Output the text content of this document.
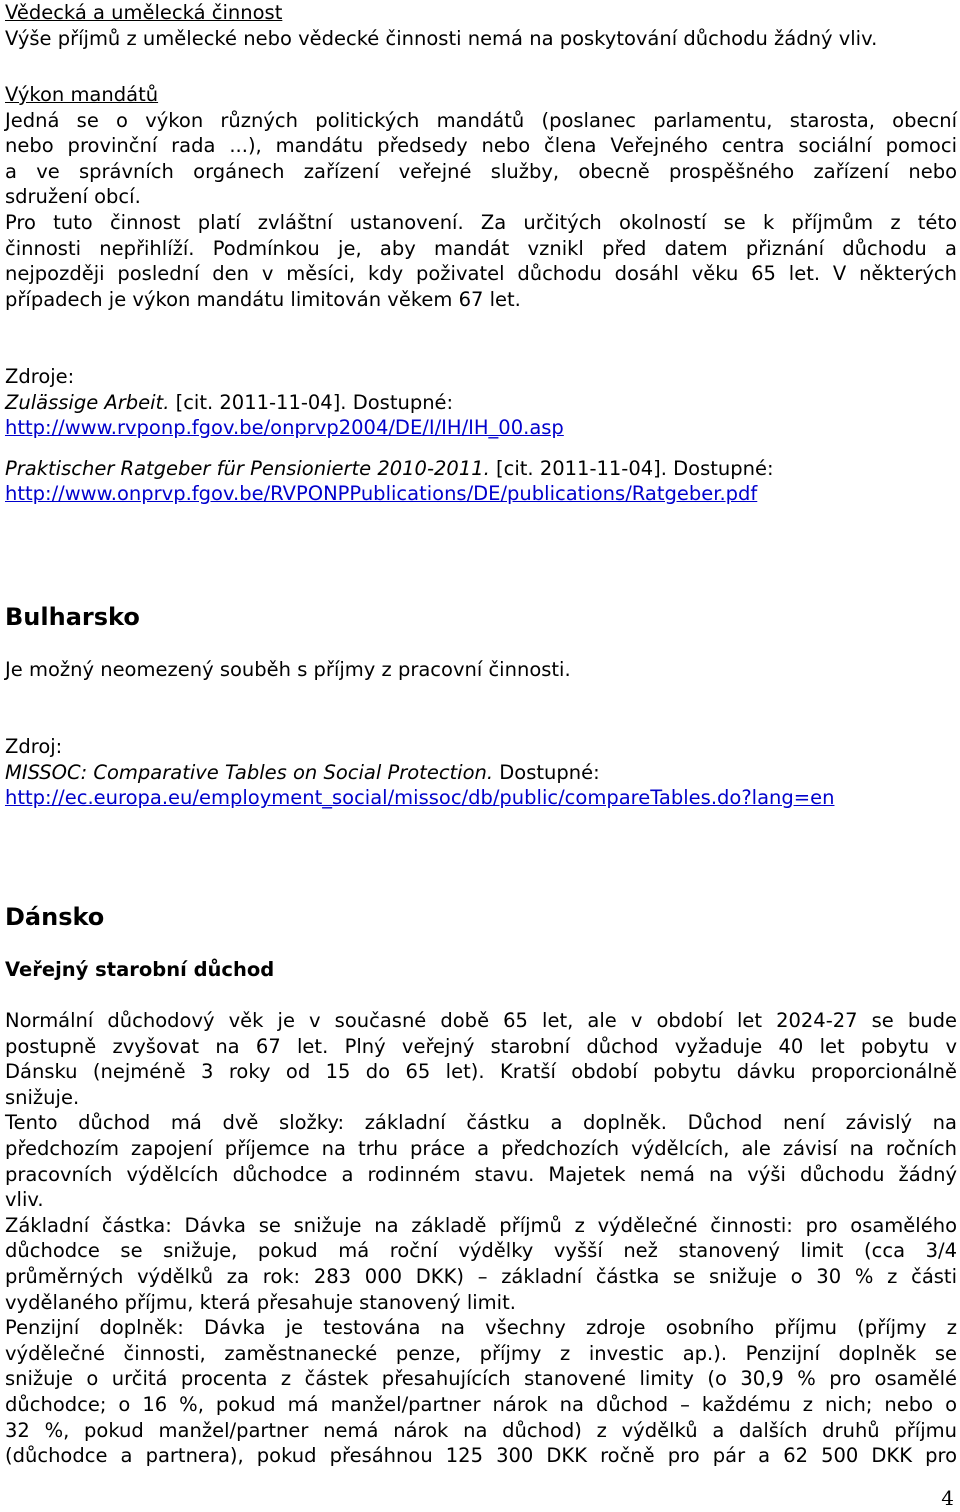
Vědecká a umělecká činnost
Výše příjmů z umělecké nebo vědecké činnosti nemá na poskytování důchodu žádný vliv.
Výkon mandátů
Jedná se o výkon různých politických mandátů (poslanec parlamentu, starosta, obecní
nebo provinční rada ...), mandátu předsedy nebo člena Veřejného centra sociální pomoci
a ve správních orgánech zařízení veřejné služby, obecně prospěšného zařízení nebo
sdružení obcí.
Pro tuto činnost platí zvláštní ustanovení. Za určitých okolností se k příjmům z této
činnosti nepřihlíží. Podmínkou je, aby mandát vznikl před datem přiznání důchodu a
nejpozději poslední den v měsíci, kdy poživatel důchodu dosáhl věku 65 let. V některých
případech je výkon mandátu limitován věkem 67 let.
Zdroje:
Zulässige Arbeit. [cit. 2011-11-04]. Dostupné:
http://www.rvponp.fgov.be/onprvp2004/DE/I/IH/IH_00.asp
Praktischer Ratgeber für Pensionierte 2010-2011. [cit. 2011-11-04]. Dostupné:
http://www.onprvp.fgov.be/RVPONPPublications/DE/publications/Ratgeber.pdf
Bulharsko
Je možný neomezený souběh s příjmy z pracovní činnosti.
Zdroj:
MISSOC: Comparative Tables on Social Protection. Dostupné:
http://ec.europa.eu/employment_social/missoc/db/public/compareTables.do?lang=en
Dánsko
Veřejný starobní důchod
Normální důchodový věk je v současné době 65 let, ale v období let 2024-27 se bude
postupně zvyšovat na 67 let. Plný veřejný starobní důchod vyžaduje 40 let pobytu v
Dánsku (nejméně 3 roky od 15 do 65 let). Kratší období pobytu dávku proporcionálně
snižuje.
Tento důchod má dvě složky: základní částku a doplněk. Důchod není závislý na
předchozím zapojení příjemce na trhu práce a předchozích výdělcích, ale závisí na ročních
pracovních výdělcích důchodce a rodinném stavu. Majetek nemá na výši důchodu žádný
vliv.
Základní částka: Dávka se snižuje na základě příjmů z výdělečné činnosti: pro osamělého
důchodce se snižuje, pokud má roční výdělky vyšší než stanovený limit (cca 3/4
průměrných výdělků za rok: 283 000 DKK) – základní částka se snižuje o 30 % z části
vydělaného příjmu, která přesahuje stanovený limit.
Penzijní doplněk: Dávka je testována na všechny zdroje osobního příjmu (příjmy z
výdělečné činnosti, zaměstnanecké penze, příjmy z investic ap.). Penzijní doplněk se
snižuje o určitá procenta z částek přesahujících stanovené limity (o 30,9 % pro osamělé
důchodce; o 16 %, pokud má manžel/partner nárok na důchod – každému z nich; nebo o
32 %, pokud manžel/partner nemá nárok na důchod) z výdělků a dalších druhů příjmu
(důchodce a partnera), pokud přesáhnou 125 300 DKK ročně pro pár a 62 500 DKK pro
4
